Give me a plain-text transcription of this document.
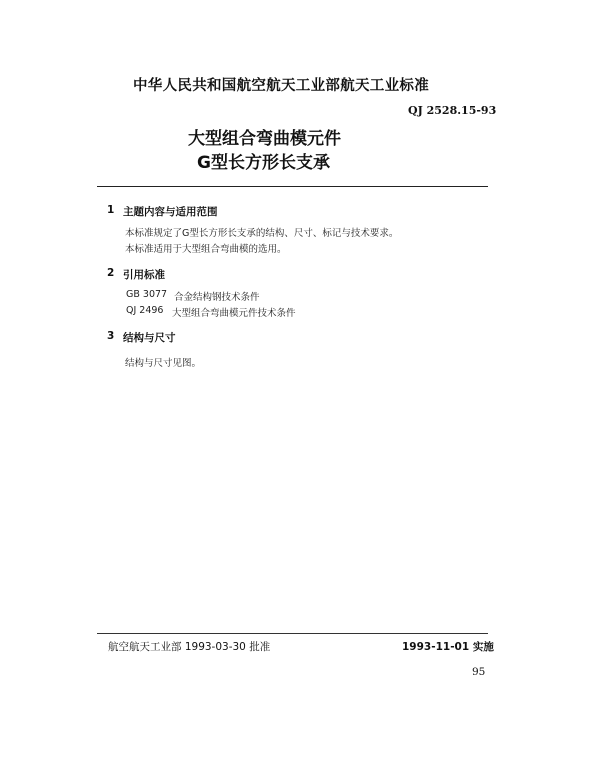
中华人民共和国航空航天工业部航天工业标准
QJ 2528.15-93
大型组合弯曲模元件
G型长方形长支承
1 主题内容与适用范围
本标准规定了G型长方形长支承的结构、尺寸、标记与技术要求。
本标准适用于大型组合弯曲模的选用。
2 引用标准
GB 3077 合金结构钢技术条件
QJ 2496 大型组合弯曲模元件技术条件
3 结构与尺寸
结构与尺寸见图。
航空航天工业部 1993-03-30 批准	1993-11-01 实施
95
